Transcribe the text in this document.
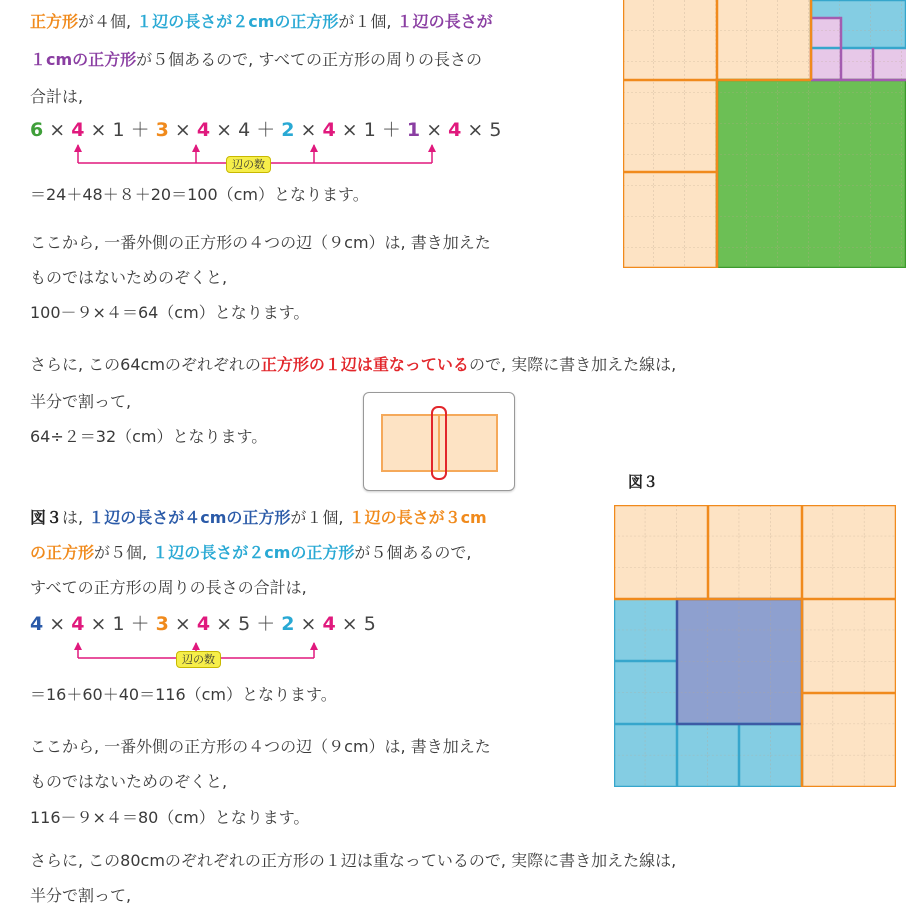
正方形が４個, １辺の長さが２cmの正方形が１個, １辺の長さが
１cmの正方形が５個あるので, すべての正方形の周りの長さの
合計は,
6 × 4 × 1 ＋ 3 × 4 × 4 ＋ 2 × 4 × 1 ＋ 1 × 4 × 5
辺の数
＝24＋48＋８＋20＝100（cm）となります。
ここから, 一番外側の正方形の４つの辺（９cm）は, 書き加えた
ものではないためのぞくと,
100－９×４＝64（cm）となります。
さらに, この64cmのぞれぞれの正方形の１辺は重なっているので, 実際に書き加えた線は,
半分で割って,
64÷２＝32（cm）となります。
図３
図３は, １辺の長さが４cmの正方形が１個, １辺の長さが３cm
の正方形が５個, １辺の長さが２cmの正方形が５個あるので,
すべての正方形の周りの長さの合計は,
4 × 4 × 1 ＋ 3 × 4 × 5 ＋ 2 × 4 × 5
辺の数
＝16＋60＋40＝116（cm）となります。
ここから, 一番外側の正方形の４つの辺（９cm）は, 書き加えた
ものではないためのぞくと,
116－９×４＝80（cm）となります。
さらに, この80cmのぞれぞれの正方形の１辺は重なっているので, 実際に書き加えた線は,
半分で割って,
